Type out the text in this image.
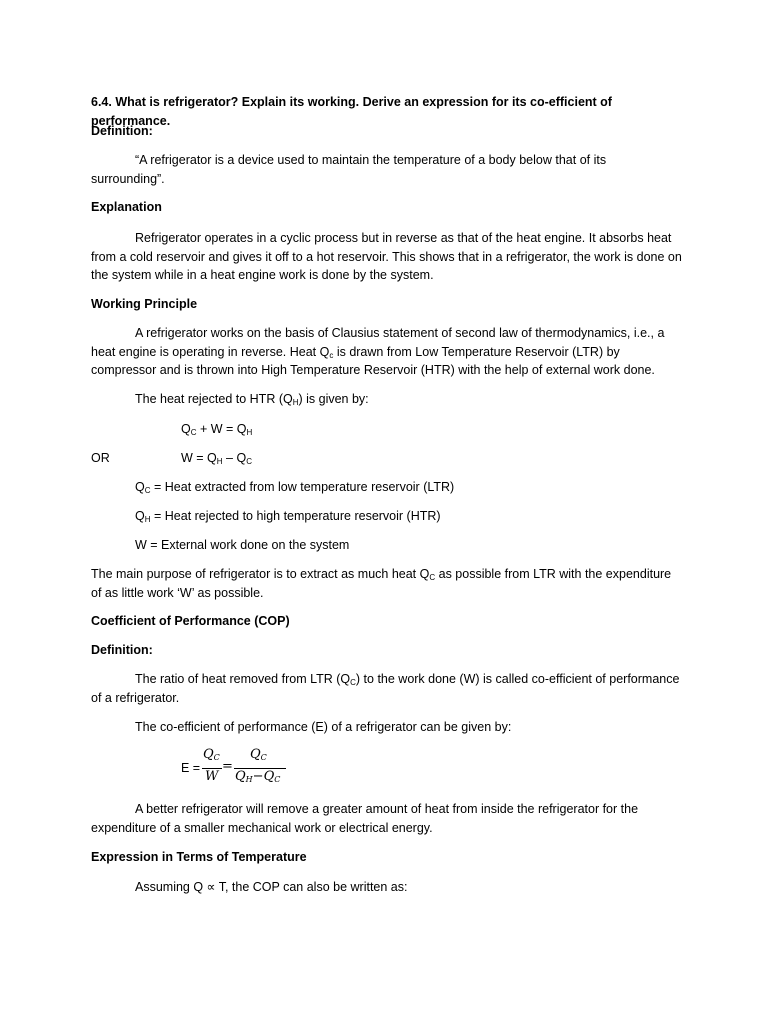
6.4. What is refrigerator? Explain its working. Derive an expression for its co-efficient of performance.

Definition:

“A refrigerator is a device used to maintain the temperature of a body below that of its surrounding”.

Explanation

Refrigerator operates in a cyclic process but in reverse as that of the heat engine. It absorbs heat from a cold reservoir and gives it off to a hot reservoir. This shows that in a refrigerator, the work is done on the system while in a heat engine work is done by the system.

Working Principle

A refrigerator works on the basis of Clausius statement of second law of thermodynamics, i.e., a heat engine is operating in reverse. Heat $Q_c$ is drawn from Low Temperature Reservoir (LTR) by compressor and is thrown into High Temperature Reservoir (HTR) with the help of external work done.

The heat rejected to HTR $(Q_H)$ is given by:

$Q_C + W = Q_H$

OR	$W = Q_H - Q_C$

$Q_C$ = Heat extracted from low temperature reservoir (LTR)

$Q_H$ = Heat rejected to high temperature reservoir (HTR)

W = External work done on the system

The main purpose of refrigerator is to extract as much heat $Q_C$ as possible from LTR with the expenditure of as little work ‘W’ as possible.

Coefficient of Performance (COP)

Definition:

The ratio of heat removed from LTR $(Q_C)$ to the work done (W) is called co-efficient of performance of a refrigerator.

The co-efficient of performance (E) of a refrigerator can be given by:

E =
$Q_C$
W
=
$Q_C$
$Q_H-Q_C$

A better refrigerator will remove a greater amount of heat from inside the refrigerator for the expenditure of a smaller mechanical work or electrical energy.

Expression in Terms of Temperature

Assuming Q ∝ T, the COP can also be written as:
